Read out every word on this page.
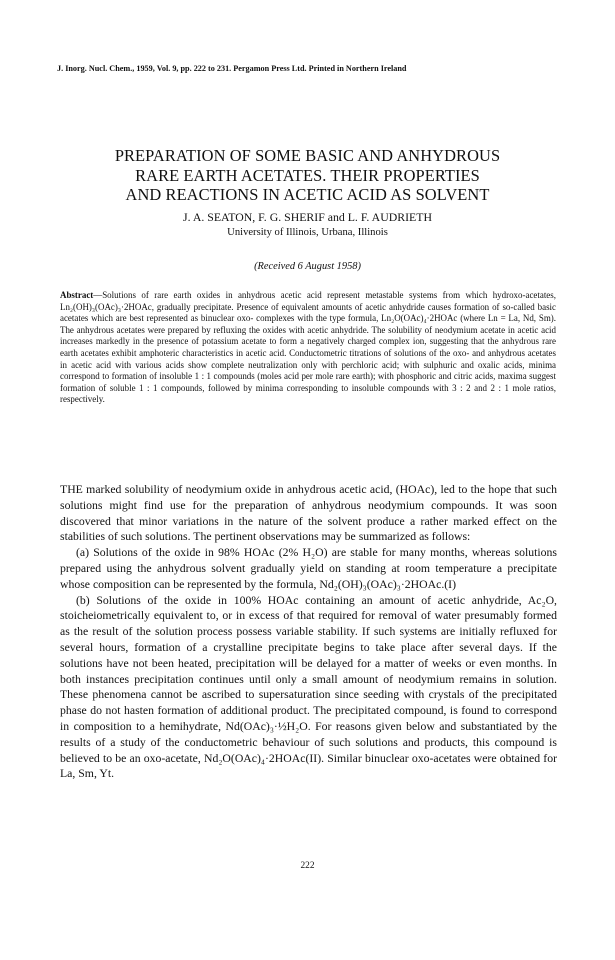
J. Inorg. Nucl. Chem., 1959, Vol. 9, pp. 222 to 231. Pergamon Press Ltd. Printed in Northern Ireland
PREPARATION OF SOME BASIC AND ANHYDROUS
RARE EARTH ACETATES. THEIR PROPERTIES
AND REACTIONS IN ACETIC ACID AS SOLVENT
J. A. SEATON, F. G. SHERIF and L. F. AUDRIETH
University of Illinois, Urbana, Illinois
(Received 6 August 1958)
Abstract—Solutions of rare earth oxides in anhydrous acetic acid represent metastable systems from which hydroxo-acetates, Ln₂(OH)₃(OAc)₃·2HOAc, gradually precipitate. Presence of equivalent amounts of acetic anhydride causes formation of so-called basic acetates which are best represented as binuclear oxo- complexes with the type formula, Ln₂O(OAc)₄·2HOAc (where Ln = La, Nd, Sm). The anhydrous acetates were prepared by refluxing the oxides with acetic anhydride. The solubility of neodymium acetate in acetic acid increases markedly in the presence of potassium acetate to form a negatively charged complex ion, suggesting that the anhydrous rare earth acetates exhibit amphoteric characteristics in acetic acid. Conductometric titrations of solutions of the oxo- and anhydrous acetates in acetic acid with various acids show complete neutralization only with perchloric acid; with sulphuric and oxalic acids, minima correspond to formation of insoluble 1 : 1 compounds (moles acid per mole rare earth); with phosphoric and citric acids, maxima suggest formation of soluble 1 : 1 compounds, followed by minima corresponding to insoluble compounds with 3 : 2 and 2 : 1 mole ratios, respectively.

THE marked solubility of neodymium oxide in anhydrous acetic acid, (HOAc), led to the hope that such solutions might find use for the preparation of anhydrous neodymium compounds. It was soon discovered that minor variations in the nature of the solvent produce a rather marked effect on the stabilities of such solutions. The pertinent observations may be summarized as follows:

(a) Solutions of the oxide in 98% HOAc (2% H₂O) are stable for many months, whereas solutions prepared using the anhydrous solvent gradually yield on standing at room temperature a precipitate whose composition can be represented by the formula, Nd₂(OH)₃(OAc)₃·2HOAc.(I)

(b) Solutions of the oxide in 100% HOAc containing an amount of acetic anhydride, Ac₂O, stoicheiometrically equivalent to, or in excess of that required for removal of water presumably formed as the result of the solution process possess variable stability. If such systems are initially refluxed for several hours, formation of a crystalline precipitate begins to take place after several days. If the solutions have not been heated, precipitation will be delayed for a matter of weeks or even months. In both instances precipitation continues until only a small amount of neodymium remains in solution. These phenomena cannot be ascribed to supersaturation since seeding with crystals of the precipitated phase do not hasten formation of additional product. The precipitated compound, is found to correspond in composition to a hemihydrate, Nd(OAc)₃·½H₂O. For reasons given below and substantiated by the results of a study of the conductometric behaviour of such solutions and products, this compound is believed to be an oxo-acetate, Nd₂O(OAc)₄·2HOAc(II). Similar binuclear oxo-acetates were obtained for La, Sm, Yt.

222
